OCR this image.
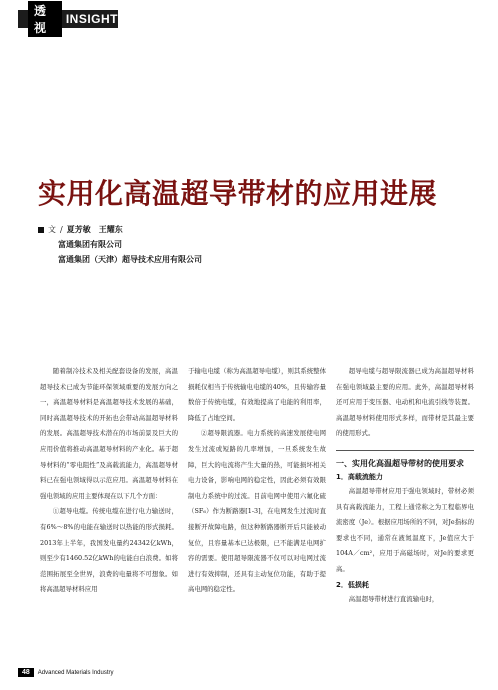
透视
INSIGHT
实用化高温超导带材的应用进展
文 / 夏芳敏　王耀东
富通集团有限公司
富通集团（天津）超导技术应用有限公司

随着制冷技术及相关配套设备的发展，高温超导技术已成为节能环保领域重要的发展方向之一，高温超导材料是高温超导技术发展的基础，同时高温超导技术的开拓也会带动高温超导材料的发展。高温超导技术潜在的市场前景及巨大的应用价值将推动高温超导材料的产业化。基于超导材料的“零电阻性”及高载流能力，高温超导材料已在强电领域得以示范应用。高温超导材料在强电领域的应用主要体现在以下几个方面：

①超导电缆。传统电缆在进行电力输送时，有6%～8%的电能在输送时以热能的形式损耗。2013年上半年，我国发电量约24342亿kWh，则至少有1460.52亿kWh的电能白白浪费。如将范围拓展至全世界，浪费的电量将不可想象。如将高温超导材料应用

于输电电缆（称为高温超导电缆），则其系统整体损耗仅相当于传统输电电缆的40%，且传输容量数倍于传统电缆，有效地提高了电能的利用率，降低了占地空间。

②超导限流器。电力系统的高速发展使电网发生过流或短路的几率增加，一旦系统发生故障，巨大的电流将产生大量的热，可能损坏相关电力设备，影响电网的稳定性，因此必须有效限制电力系统中的过流。目前电网中使用六氟化硫（SF₆）作为断路器[1-3]，在电网发生过流时直接断开故障电路，但这种断路器断开后只能被动复位，且容量基本已达极限，已不能满足电网扩容的需要。使用超导限流器不仅可以对电网过流进行有效抑制，还具有主动复位功能，有助于提高电网的稳定性。

超导电缆与超导限流器已成为高温超导材料在强电领域最主要的应用。此外，高温超导材料还可应用于变压器、电动机和电流引线等装置。高温超导材料使用形式多样，而带材是其最主要的使用形式。

一、实用化高温超导带材的使用要求
1．高载流能力

高温超导带材应用于强电领域时，带材必须具有高载流能力，工程上通常称之为工程临界电流密度（Je）。根据应用场所的不同，对Je指标的要求也不同，通常在液氮温度下，Je值应大于104A／cm²，应用于高磁场时，对Je的要求更高。

2．低损耗

高温超导带材进行直流输电时，

48	Advanced Materials Industry
